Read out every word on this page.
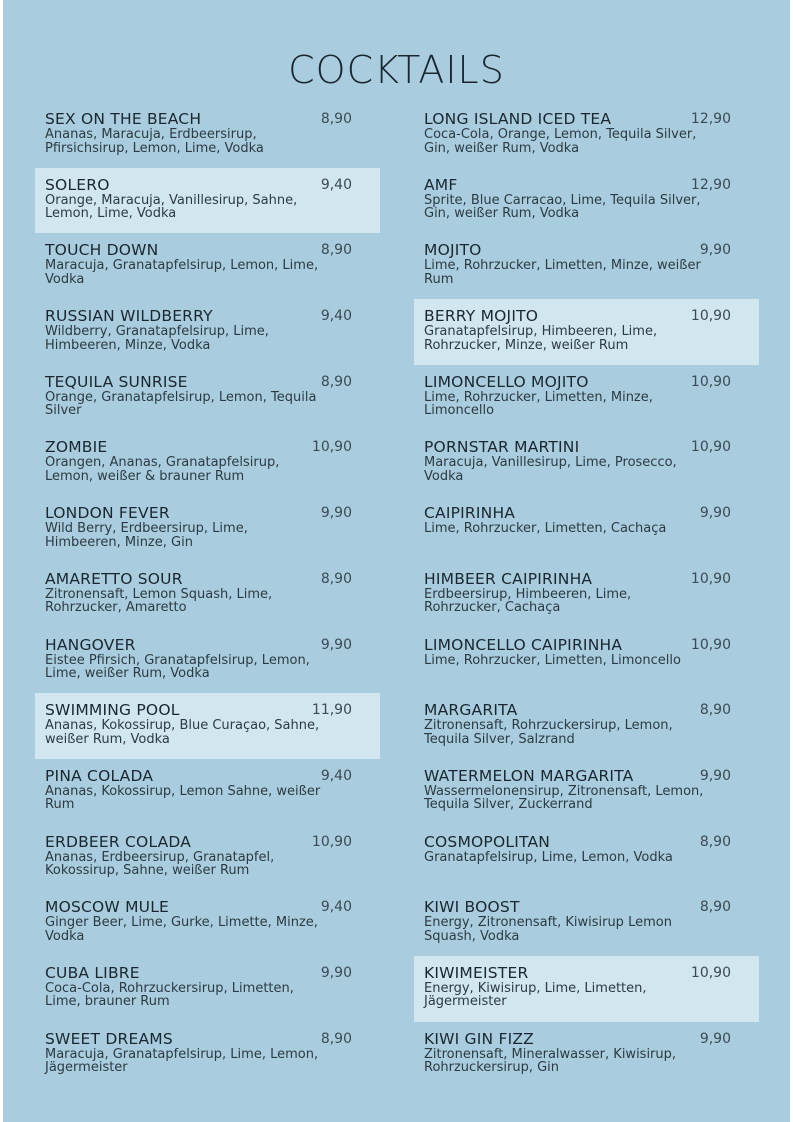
COCKTAILS
SEX ON THE BEACH	8,90
Ananas, Maracuja, Erdbeersirup, Pfirsichsirup, Lemon, Lime, Vodka
SOLERO	9,40
Orange, Maracuja, Vanillesirup, Sahne, Lemon, Lime, Vodka
TOUCH DOWN	8,90
Maracuja, Granatapfelsirup, Lemon, Lime, Vodka
RUSSIAN WILDBERRY	9,40
Wildberry, Granatapfelsirup, Lime, Himbeeren, Minze, Vodka
TEQUILA SUNRISE	8,90
Orange, Granatapfelsirup, Lemon, Tequila Silver
ZOMBIE	10,90
Orangen, Ananas, Granatapfelsirup, Lemon, weißer & brauner Rum
LONDON FEVER	9,90
Wild Berry, Erdbeersirup, Lime, Himbeeren, Minze, Gin
AMARETTO SOUR	8,90
Zitronensaft, Lemon Squash, Lime, Rohrzucker, Amaretto
HANGOVER	9,90
Eistee Pfirsich, Granatapfelsirup, Lemon, Lime, weißer Rum, Vodka
SWIMMING POOL	11,90
Ananas, Kokossirup, Blue Curaçao, Sahne, weißer Rum, Vodka
PINA COLADA	9,40
Ananas, Kokossirup, Lemon Sahne, weißer Rum
ERDBEER COLADA	10,90
Ananas, Erdbeersirup, Granatapfel, Kokossirup, Sahne, weißer Rum
MOSCOW MULE	9,40
Ginger Beer, Lime, Gurke, Limette, Minze, Vodka
CUBA LIBRE	9,90
Coca-Cola, Rohrzuckersirup, Limetten, Lime, brauner Rum
SWEET DREAMS	8,90
Maracuja, Granatapfelsirup, Lime, Lemon, Jägermeister
LONG ISLAND ICED TEA	12,90
Coca-Cola, Orange, Lemon, Tequila Silver, Gin, weißer Rum, Vodka
AMF	12,90
Sprite, Blue Carracao, Lime, Tequila Silver, Gin, weißer Rum, Vodka
MOJITO	9,90
Lime, Rohrzucker, Limetten, Minze, weißer Rum
BERRY MOJITO	10,90
Granatapfelsirup, Himbeeren, Lime, Rohrzucker, Minze, weißer Rum
LIMONCELLO MOJITO	10,90
Lime, Rohrzucker, Limetten, Minze, Limoncello
PORNSTAR MARTINI	10,90
Maracuja, Vanillesirup, Lime, Prosecco, Vodka
CAIPIRINHA	9,90
Lime, Rohrzucker, Limetten, Cachaça
HIMBEER CAIPIRINHA	10,90
Erdbeersirup, Himbeeren, Lime, Rohrzucker, Cachaça
LIMONCELLO CAIPIRINHA	10,90
Lime, Rohrzucker, Limetten, Limoncello
MARGARITA	8,90
Zitronensaft, Rohrzuckersirup, Lemon, Tequila Silver, Salzrand
WATERMELON MARGARITA	9,90
Wassermelonensirup, Zitronensaft, Lemon, Tequila Silver, Zuckerrand
COSMOPOLITAN	8,90
Granatapfelsirup, Lime, Lemon, Vodka
KIWI BOOST	8,90
Energy, Zitronensaft, Kiwisirup Lemon Squash, Vodka
KIWIMEISTER	10,90
Energy, Kiwisirup, Lime, Limetten, Jägermeister
KIWI GIN FIZZ	9,90
Zitronensaft, Mineralwasser, Kiwisirup, Rohrzuckersirup, Gin
